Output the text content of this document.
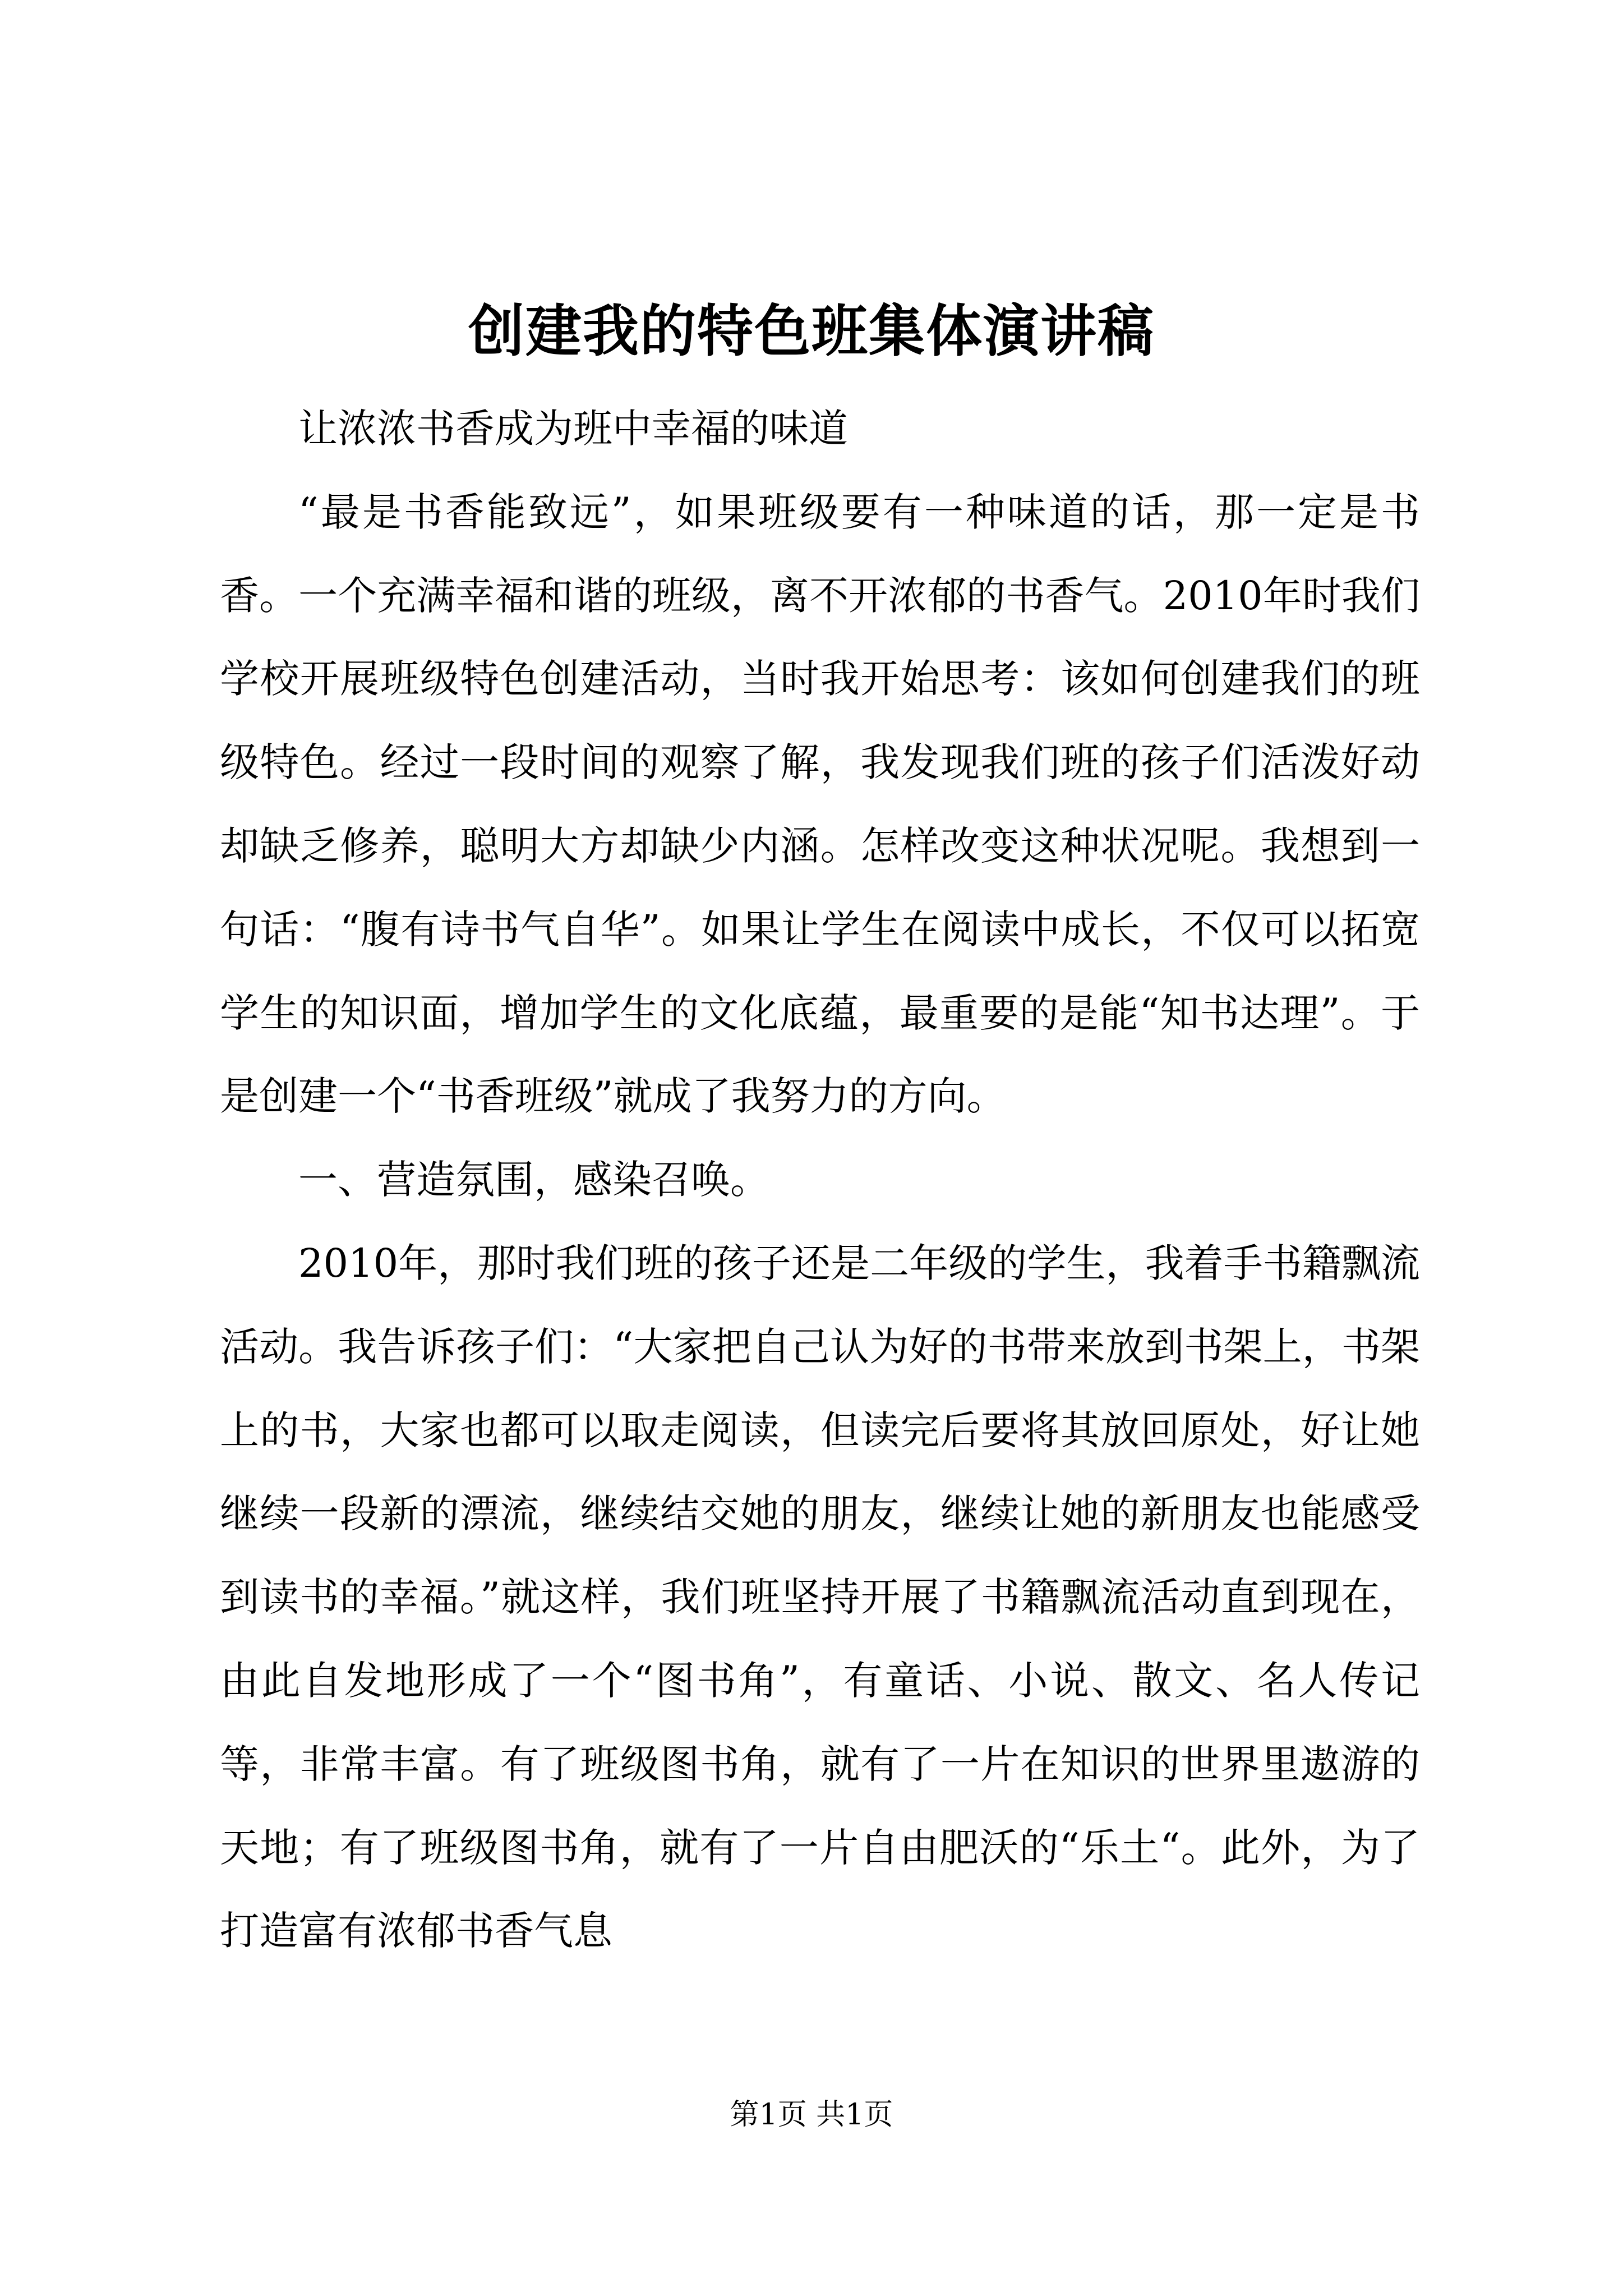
创建我的特色班集体演讲稿

让浓浓书香成为班中幸福的味道

“最是书香能致远”，如果班级要有一种味道的话，那一定是书香。一个充满幸福和谐的班级，离不开浓郁的书香气。2010年时我们学校开展班级特色创建活动，当时我开始思考：该如何创建我们的班级特色。经过一段时间的观察了解，我发现我们班的孩子们活泼好动却缺乏修养，聪明大方却缺少内涵。怎样改变这种状况呢。我想到一句话：“腹有诗书气自华”。如果让学生在阅读中成长，不仅可以拓宽学生的知识面，增加学生的文化底蕴，最重要的是能“知书达理”。于是创建一个“书香班级”就成了我努力的方向。

一、营造氛围，感染召唤。

2010年，那时我们班的孩子还是二年级的学生，我着手书籍飘流活动。我告诉孩子们：“大家把自己认为好的书带来放到书架上，书架上的书，大家也都可以取走阅读，但读完后要将其放回原处，好让她继续一段新的漂流，继续结交她的朋友，继续让她的新朋友也能感受到读书的幸福。”就这样，我们班坚持开展了书籍飘流活动直到现在，由此自发地形成了一个“图书角”，有童话、小说、散文、名人传记等，非常丰富。有了班级图书角，就有了一片在知识的世界里遨游的天地；有了班级图书角，就有了一片自由肥沃的“乐土“。此外，为了打造富有浓郁书香气息

第1页 共1页
